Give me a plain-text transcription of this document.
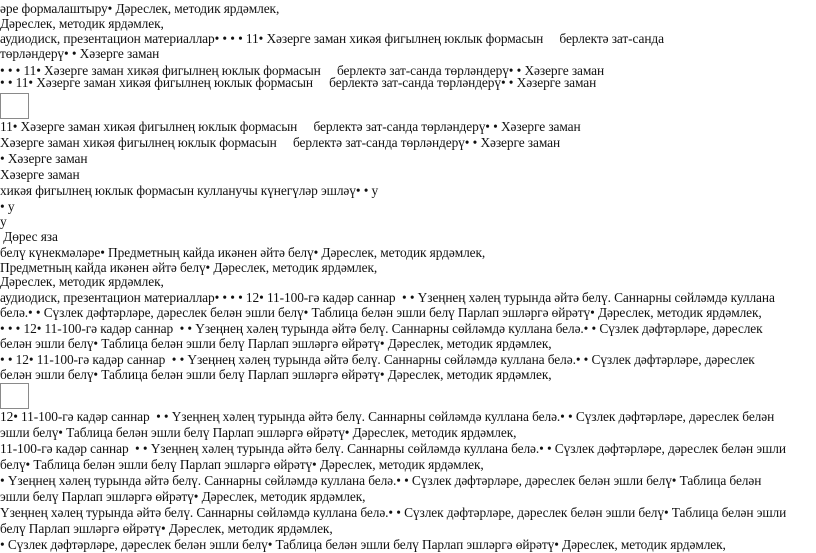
әре формалаштыру• Дәреслек, методик ярдәмлек,
Дәреслек, методик ярдәмлек,
аудиодиск, презентацион материаллар• • • • 11• Хәзерге заман хикәя фигылнең юклык формасын     берлектә зат-санда
төрләндерү• • Хәзерге заман
• • • 11• Хәзерге заман хикәя фигылнең юклык формасын     берлектә зат-санда төрләндерү• • Хәзерге заман
• • 11• Хәзерге заман хикәя фигылнең юклык формасын     берлектә зат-санда төрләндерү• • Хәзерге заман
11• Хәзерге заман хикәя фигылнең юклык формасын     берлектә зат-санда төрләндерү• • Хәзерге заман
Хәзерге заман хикәя фигылнең юклык формасын     берлектә зат-санда төрләндерү• • Хәзерге заман
• Хәзерге заман
Хәзерге заман
хикәя фигылнең юклык формасын кулланучы күнегүләр эшләү• • у
• у
у
Дөрес яза
белү күнекмәләре• Предметның кайда икәнен әйтә белү• Дәреслек, методик ярдәмлек,
Предметның кайда икәнен әйтә белү• Дәреслек, методик ярдәмлек,
Дәреслек, методик ярдәмлек,
аудиодиск, презентацион материаллар• • • • 12• 11-100-гә кадәр саннар  • • Үзеңнең хәлең турында әйтә белү. Саннарны сөйләмдә куллана
белә.• • Сүзлек дәфтәрләре, дәреслек белән эшли белү• Таблица белән эшли белү Парлап эшләргә өйрәтү• Дәреслек, методик ярдәмлек,
• • • 12• 11-100-гә кадәр саннар  • • Үзеңнең хәлең турында әйтә белү. Саннарны сөйләмдә куллана белә.• • Сүзлек дәфтәрләре, дәреслек
белән эшли белү• Таблица белән эшли белү Парлап эшләргә өйрәтү• Дәреслек, методик ярдәмлек,
• • 12• 11-100-гә кадәр саннар  • • Үзеңнең хәлең турында әйтә белү. Саннарны сөйләмдә куллана белә.• • Сүзлек дәфтәрләре, дәреслек
белән эшли белү• Таблица белән эшли белү Парлап эшләргә өйрәтү• Дәреслек, методик ярдәмлек,
12• 11-100-гә кадәр саннар  • • Үзеңнең хәлең турында әйтә белү. Саннарны сөйләмдә куллана белә.• • Сүзлек дәфтәрләре, дәреслек белән
эшли белү• Таблица белән эшли белү Парлап эшләргә өйрәтү• Дәреслек, методик ярдәмлек,
11-100-гә кадәр саннар  • • Үзеңнең хәлең турында әйтә белү. Саннарны сөйләмдә куллана белә.• • Сүзлек дәфтәрләре, дәреслек белән эшли
белү• Таблица белән эшли белү Парлап эшләргә өйрәтү• Дәреслек, методик ярдәмлек,
• Үзеңнең хәлең турында әйтә белү. Саннарны сөйләмдә куллана белә.• • Сүзлек дәфтәрләре, дәреслек белән эшли белү• Таблица белән
эшли белү Парлап эшләргә өйрәтү• Дәреслек, методик ярдәмлек,
Үзеңнең хәлең турында әйтә белү. Саннарны сөйләмдә куллана белә.• • Сүзлек дәфтәрләре, дәреслек белән эшли белү• Таблица белән эшли
белү Парлап эшләргә өйрәтү• Дәреслек, методик ярдәмлек,
• Сүзлек дәфтәрләре, дәреслек белән эшли белү• Таблица белән эшли белү Парлап эшләргә өйрәтү• Дәреслек, методик ярдәмлек,
